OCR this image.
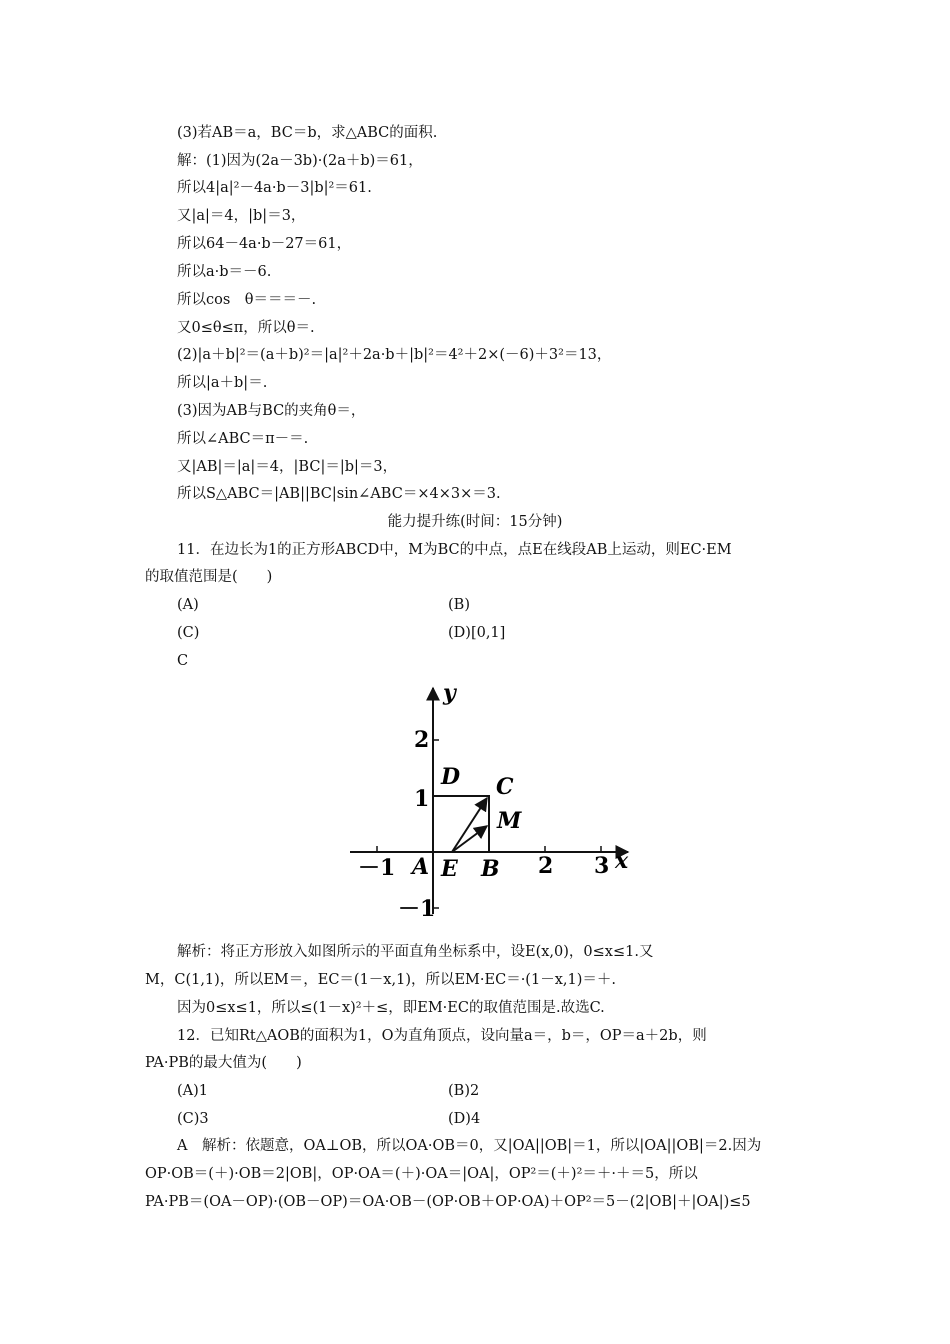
(3)若AB＝a，BC＝b，求△ABC的面积.
解：(1)因为(2a－3b)·(2a＋b)＝61，
所以4|a|²－4a·b－3|b|²＝61.
又|a|＝4，|b|＝3，
所以64－4a·b－27＝61，
所以a·b＝－6.
所以cos　θ＝＝＝－.
又0≤θ≤π，所以θ＝.
(2)|a＋b|²＝(a＋b)²＝|a|²＋2a·b＋|b|²＝4²＋2×(－6)＋3²＝13，
所以|a＋b|＝.
(3)因为AB与BC的夹角θ＝，
所以∠ABC＝π－＝.
又|AB|＝|a|＝4，|BC|＝|b|＝3，
所以S△ABC＝|AB||BC|sin∠ABC＝×4×3×＝3.
能力提升练(时间：15分钟)
11．在边长为1的正方形ABCD中，M为BC的中点，点E在线段AB上运动，则EC·EM
的取值范围是(　　)
(A)	(B)
(C)	(D)[0,1]
C
y
x
－1	2 3
2
1
－1
A E B
D C
M
解析：将正方形放入如图所示的平面直角坐标系中，设E(x,0)，0≤x≤1.又
M，C(1,1)，所以EM＝，EC＝(1－x,1)，所以EM·EC＝·(1－x,1)＝＋.
因为0≤x≤1，所以≤(1－x)²＋≤，即EM·EC的取值范围是.故选C.
12．已知Rt△AOB的面积为1，O为直角顶点，设向量a＝，b＝，OP＝a＋2b，则
PA·PB的最大值为(　　)
(A)1	(B)2
(C)3	(D)4
A　解析：依题意，OA⊥OB，所以OA·OB＝0，又|OA||OB|＝1，所以|OA||OB|＝2.因为
OP·OB＝(＋)·OB＝2|OB|，OP·OA＝(＋)·OA＝|OA|，OP²＝(＋)²＝＋·＋＝5，所以
PA·PB＝(OA－OP)·(OB－OP)＝OA·OB－(OP·OB＋OP·OA)＋OP²＝5－(2|OB|＋|OA|)≤5
